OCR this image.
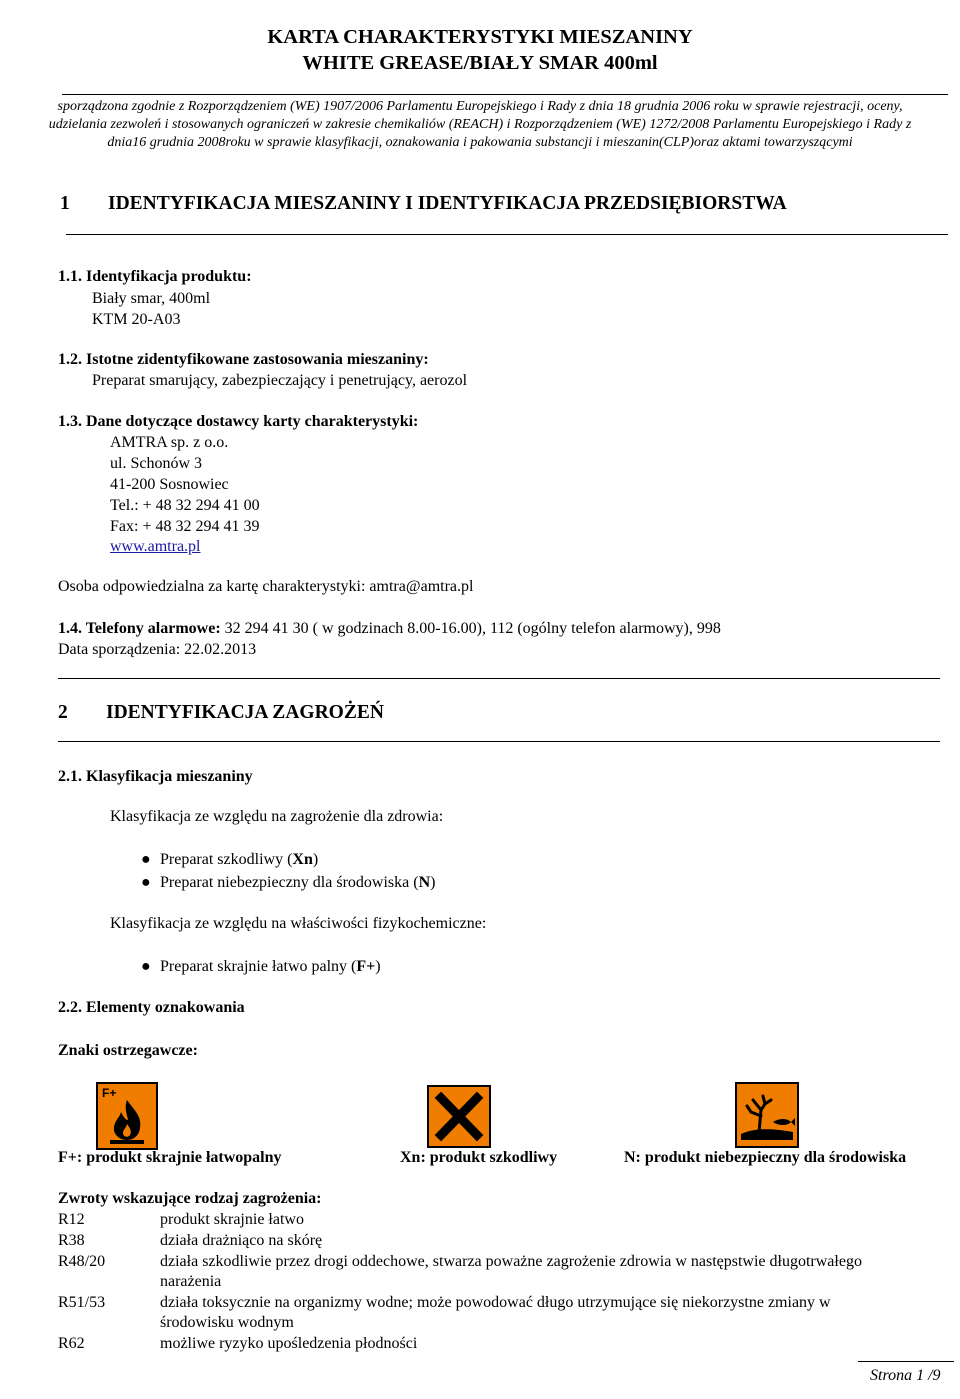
KARTA CHARAKTERYSTYKI MIESZANINY
WHITE GREASE/BIAŁY SMAR 400ml
sporządzona zgodnie z Rozporządzeniem (WE) 1907/2006 Parlamentu Europejskiego i Rady z dnia 18 grudnia 2006 roku w sprawie rejestracji, oceny,
udzielania zezwoleń i stosowanych ograniczeń w zakresie chemikaliów (REACH) i Rozporządzeniem (WE) 1272/2008 Parlamentu Europejskiego i Rady z
dnia16 grudnia 2008roku w sprawie klasyfikacji, oznakowania i pakowania substancji i mieszanin(CLP)oraz aktami towarzyszącymi
1 IDENTYFIKACJA MIESZANINY I IDENTYFIKACJA PRZEDSIĘBIORSTWA
1.1. Identyfikacja produktu:
Biały smar, 400ml
KTM 20-A03
1.2. Istotne zidentyfikowane zastosowania mieszaniny:
Preparat smarujący, zabezpieczający i penetrujący, aerozol
1.3. Dane dotyczące dostawcy karty charakterystyki:
AMTRA sp. z o.o.
ul. Schonów 3
41-200 Sosnowiec
Tel.: + 48 32 294 41 00
Fax: + 48 32 294 41 39
www.amtra.pl
Osoba odpowiedzialna za kartę charakterystyki: amtra@amtra.pl
1.4. Telefony alarmowe: 32 294 41 30 ( w godzinach 8.00-16.00), 112 (ogólny telefon alarmowy), 998
Data sporządzenia: 22.02.2013
2 IDENTYFIKACJA ZAGROŻEŃ
2.1. Klasyfikacja mieszaniny
Klasyfikacja ze względu na zagrożenie dla zdrowia:
● Preparat szkodliwy (Xn)
● Preparat niebezpieczny dla środowiska (N)
Klasyfikacja ze względu na właściwości fizykochemiczne:
● Preparat skrajnie łatwo palny (F+)
2.2. Elementy oznakowania
Znaki ostrzegawcze:
F+
F+: produkt skrajnie łatwopalny	Xn: produkt szkodliwy	N: produkt niebezpieczny dla środowiska
Zwroty wskazujące rodzaj zagrożenia:
R12	produkt skrajnie łatwo
R38	działa drażniąco na skórę
R48/20	działa szkodliwie przez drogi oddechowe, stwarza poważne zagrożenie zdrowia w następstwie długotrwałego
narażenia
R51/53	działa toksycznie na organizmy wodne; może powodować długo utrzymujące się niekorzystne zmiany w
środowisku wodnym
R62	możliwe ryzyko upośledzenia płodności
Strona 1 /9
